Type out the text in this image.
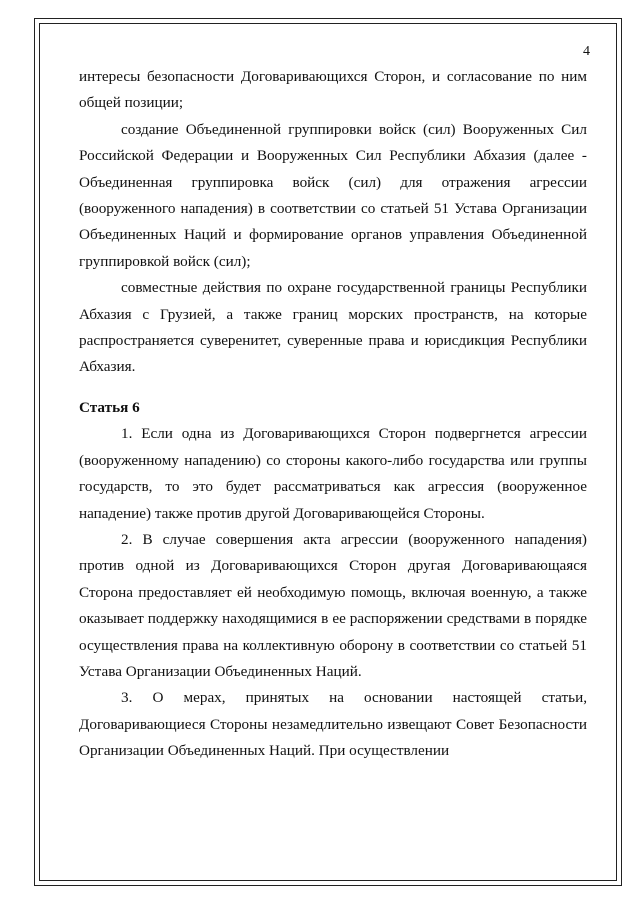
4

интересы безопасности Договаривающихся Сторон, и согласование по ним общей позиции;

создание Объединенной группировки войск (сил) Вооруженных Сил Российской Федерации и Вооруженных Сил Республики Абхазия (далее - Объединенная группировка войск (сил) для отражения агрессии (вооруженного нападения) в соответствии со статьей 51 Устава Организации Объединенных Наций и формирование органов управления Объединенной группировкой войск (сил);

совместные действия по охране государственной границы Республики Абхазия с Грузией, а также границ морских пространств, на которые распространяется суверенитет, суверенные права и юрисдикция Республики Абхазия.

Статья 6

1. Если одна из Договаривающихся Сторон подвергнется агрессии (вооруженному нападению) со стороны какого-либо государства или группы государств, то это будет рассматриваться как агрессия (вооруженное нападение) также против другой Договаривающейся Стороны.

2. В случае совершения акта агрессии (вооруженного нападения) против одной из Договаривающихся Сторон другая Договаривающаяся Сторона предоставляет ей необходимую помощь, включая военную, а также оказывает поддержку находящимися в ее распоряжении средствами в порядке осуществления права на коллективную оборону в соответствии со статьей 51 Устава Организации Объединенных Наций.

3. О мерах, принятых на основании настоящей статьи, Договаривающиеся Стороны незамедлительно извещают Совет Безопасности Организации Объединенных Наций. При осуществлении
